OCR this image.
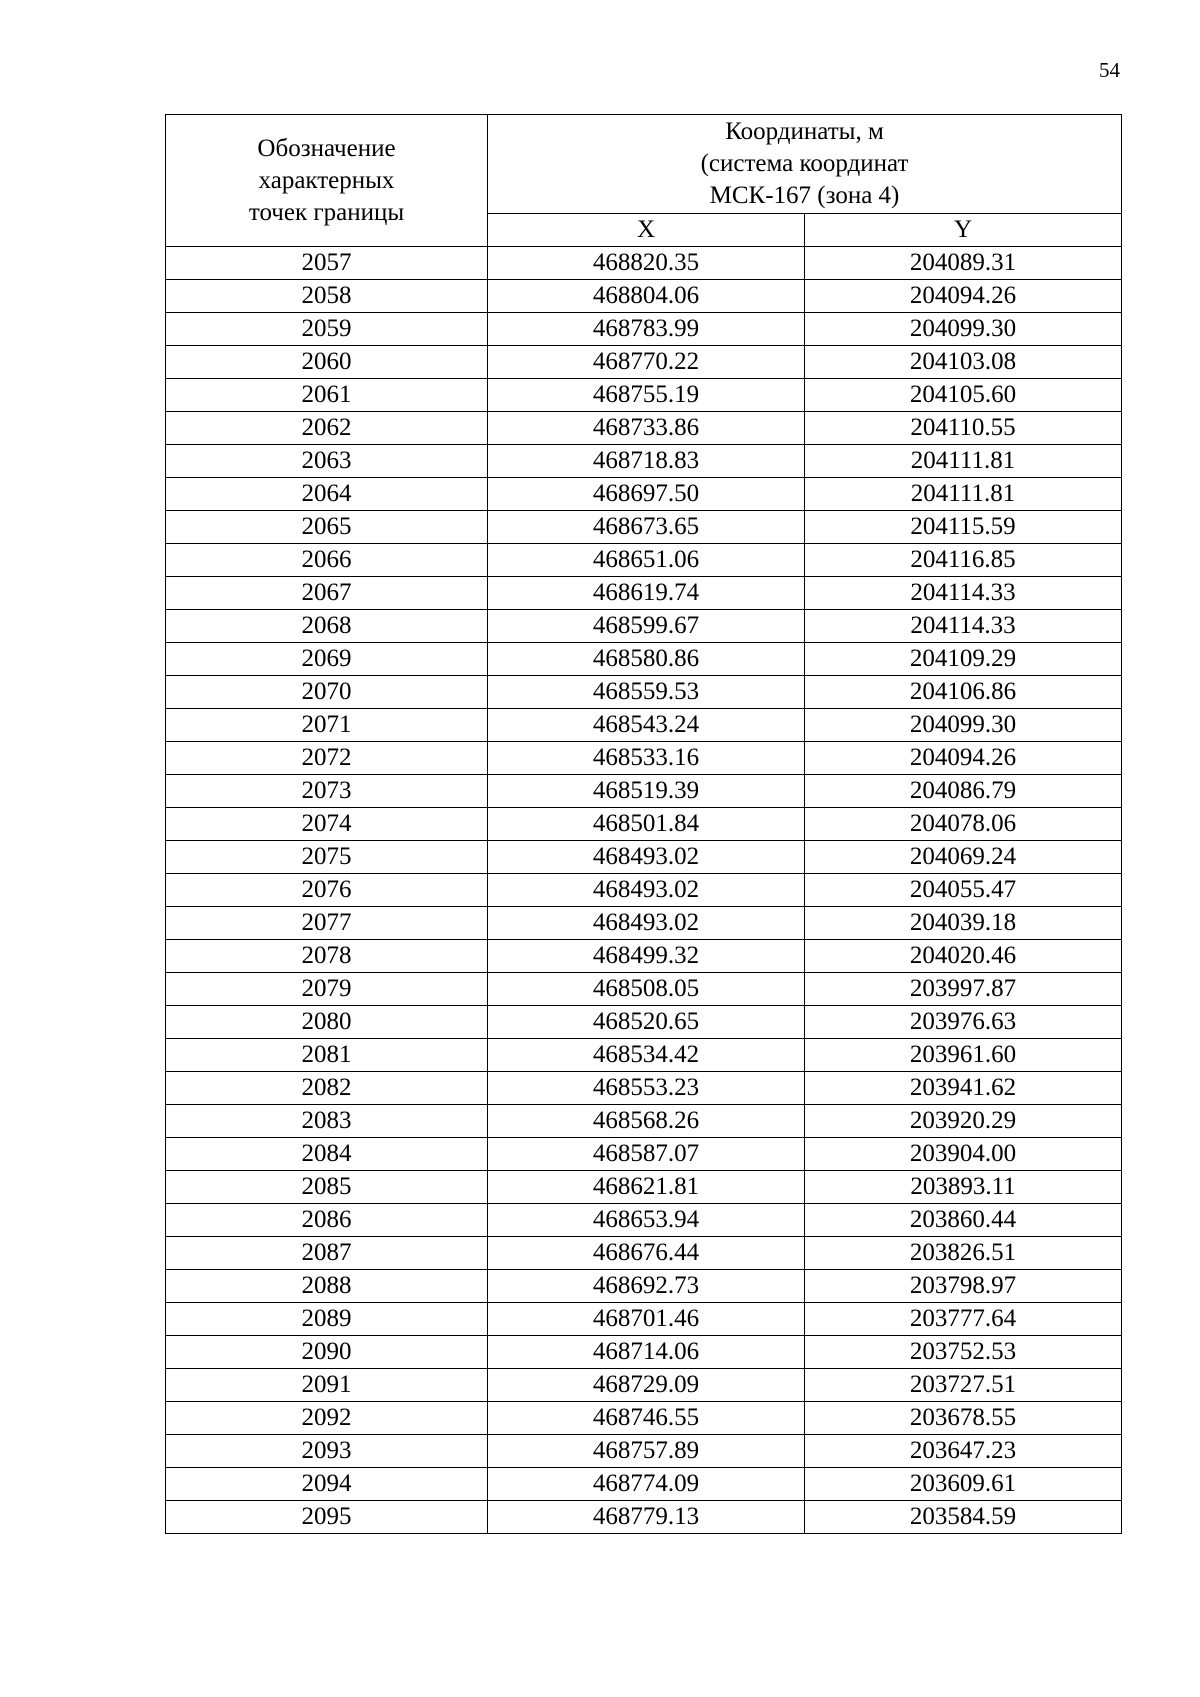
54
Обозначение
характерных
точек границы	Координаты, м
(система координат
МСК-167 (зона 4)	
	X	Y
2057	468820.35	204089.31
2058	468804.06	204094.26
2059	468783.99	204099.30
2060	468770.22	204103.08
2061	468755.19	204105.60
2062	468733.86	204110.55
2063	468718.83	204111.81
2064	468697.50	204111.81
2065	468673.65	204115.59
2066	468651.06	204116.85
2067	468619.74	204114.33
2068	468599.67	204114.33
2069	468580.86	204109.29
2070	468559.53	204106.86
2071	468543.24	204099.30
2072	468533.16	204094.26
2073	468519.39	204086.79
2074	468501.84	204078.06
2075	468493.02	204069.24
2076	468493.02	204055.47
2077	468493.02	204039.18
2078	468499.32	204020.46
2079	468508.05	203997.87
2080	468520.65	203976.63
2081	468534.42	203961.60
2082	468553.23	203941.62
2083	468568.26	203920.29
2084	468587.07	203904.00
2085	468621.81	203893.11
2086	468653.94	203860.44
2087	468676.44	203826.51
2088	468692.73	203798.97
2089	468701.46	203777.64
2090	468714.06	203752.53
2091	468729.09	203727.51
2092	468746.55	203678.55
2093	468757.89	203647.23
2094	468774.09	203609.61
2095	468779.13	203584.59
